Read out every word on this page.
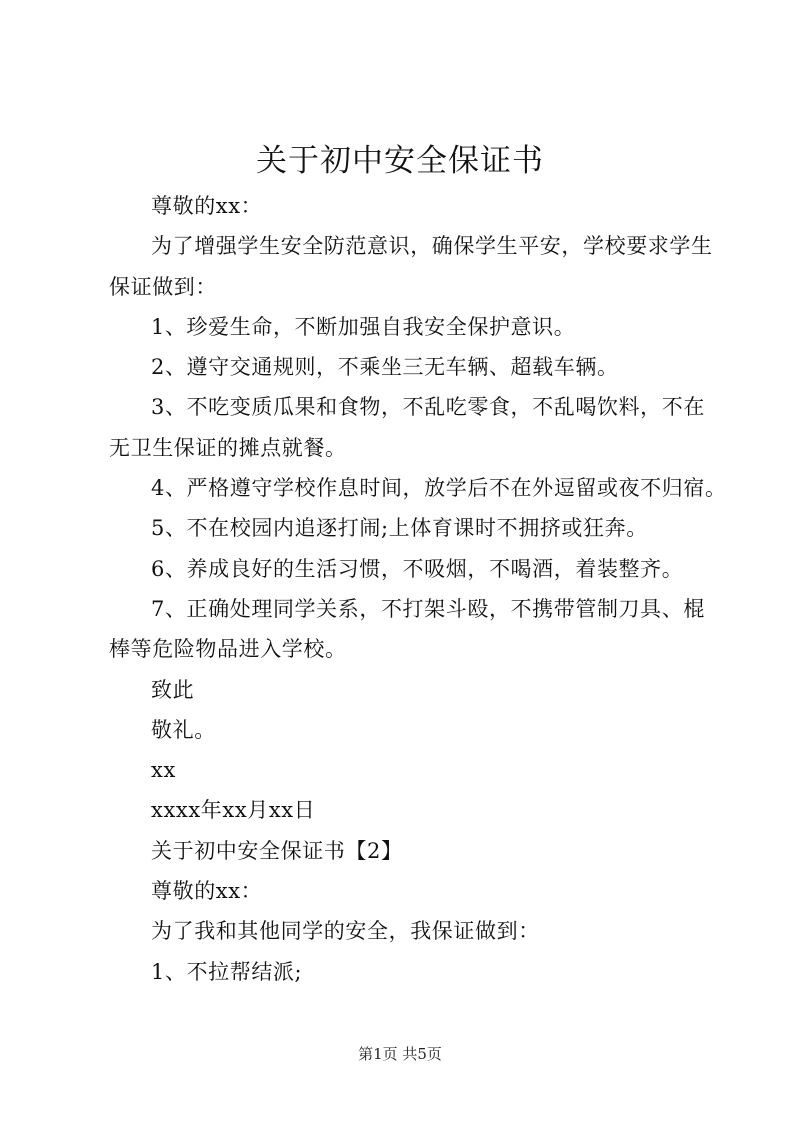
关于初中安全保证书

尊敬的xx：

为了增强学生安全防范意识，确保学生平安，学校要求学生

保证做到：

1、珍爱生命，不断加强自我安全保护意识。

2、遵守交通规则，不乘坐三无车辆、超载车辆。

3、不吃变质瓜果和食物，不乱吃零食，不乱喝饮料，不在

无卫生保证的摊点就餐。

4、严格遵守学校作息时间，放学后不在外逗留或夜不归宿。

5、不在校园内追逐打闹;上体育课时不拥挤或狂奔。

6、养成良好的生活习惯，不吸烟，不喝酒，着装整齐。

7、正确处理同学关系，不打架斗殴，不携带管制刀具、棍

棒等危险物品进入学校。

致此

敬礼。

xx

xxxx年xx月xx日

关于初中安全保证书【2】

尊敬的xx：

为了我和其他同学的安全，我保证做到：

1、不拉帮结派;

第1页 共5页
